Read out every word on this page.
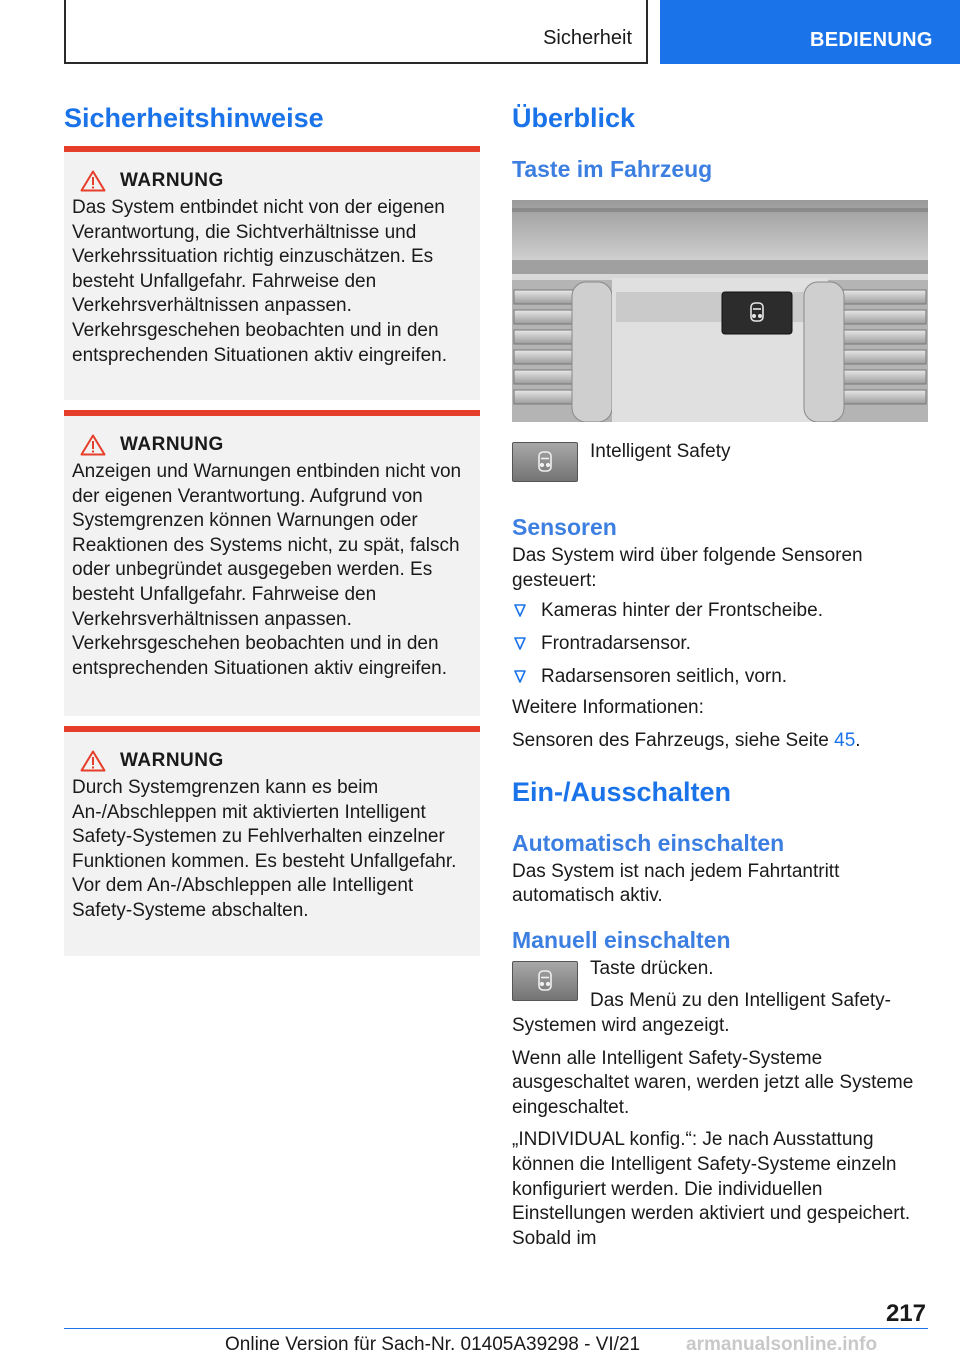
Sicherheit	BEDIENUNG
Sicherheitshinweise
WARNUNG

Das System entbindet nicht von der eigenen Verantwortung, die Sichtverhältnisse und Verkehrssituation richtig einzuschätzen. Es besteht Unfallgefahr. Fahrweise den Verkehrsverhältnissen anpassen. Verkehrsgeschehen beobachten und in den entsprechenden Situationen aktiv eingreifen.

WARNUNG

Anzeigen und Warnungen entbinden nicht von der eigenen Verantwortung. Aufgrund von Systemgrenzen können Warnungen oder Reaktionen des Systems nicht, zu spät, falsch oder unbegründet ausgegeben werden. Es besteht Unfallgefahr. Fahrweise den Verkehrsverhältnissen anpassen. Verkehrsgeschehen beobachten und in den entsprechenden Situationen aktiv eingreifen.

WARNUNG

Durch Systemgrenzen kann es beim An-/Abschleppen mit aktivierten Intelligent Safety-Systemen zu Fehlverhalten einzelner Funktionen kommen. Es besteht Unfallgefahr. Vor dem An-/Abschleppen alle Intelligent Safety-Systeme abschalten.

Überblick
Taste im Fahrzeug

Intelligent Safety

Sensoren

Das System wird über folgende Sensoren gesteuert:

Kameras hinter der Frontscheibe.
Frontradarsensor.
Radarsensoren seitlich, vorn.

Weitere Informationen:

Sensoren des Fahrzeugs, siehe Seite 45.

Ein-/Ausschalten
Automatisch einschalten

Das System ist nach jedem Fahrtantritt automatisch aktiv.

Manuell einschalten

Taste drücken.

Das Menü zu den Intelligent Safety-Systemen wird angezeigt.

Wenn alle Intelligent Safety-Systeme ausgeschaltet waren, werden jetzt alle Systeme eingeschaltet.

„INDIVIDUAL konfig.“: Je nach Ausstattung können die Intelligent Safety-Systeme einzeln konfiguriert werden. Die individuellen Einstellungen werden aktiviert und gespeichert. Sobald im

217
Online Version für Sach-Nr. 01405A39298 - VI/21 armanualsonline.info
